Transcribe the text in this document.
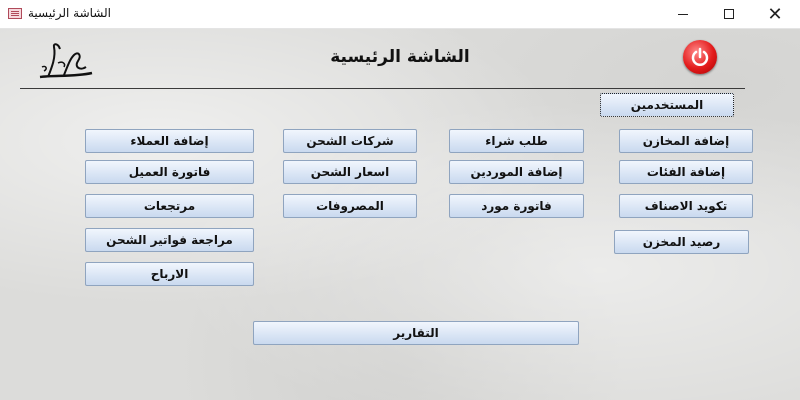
الشاشة الرئيسية	✕
الشاشة الرئيسية
المستخدمين
إضافة المخازن
إضافة الفئات
تكويد الاصناف
رصيد المخزن
طلب شراء
إضافة الموردين
فاتورة مورد
شركات الشحن
اسعار الشحن
المصروفات
إضافة العملاء
فاتورة العميل
مرتجعات
مراجعة فواتير الشحن
الارباح
التقارير
